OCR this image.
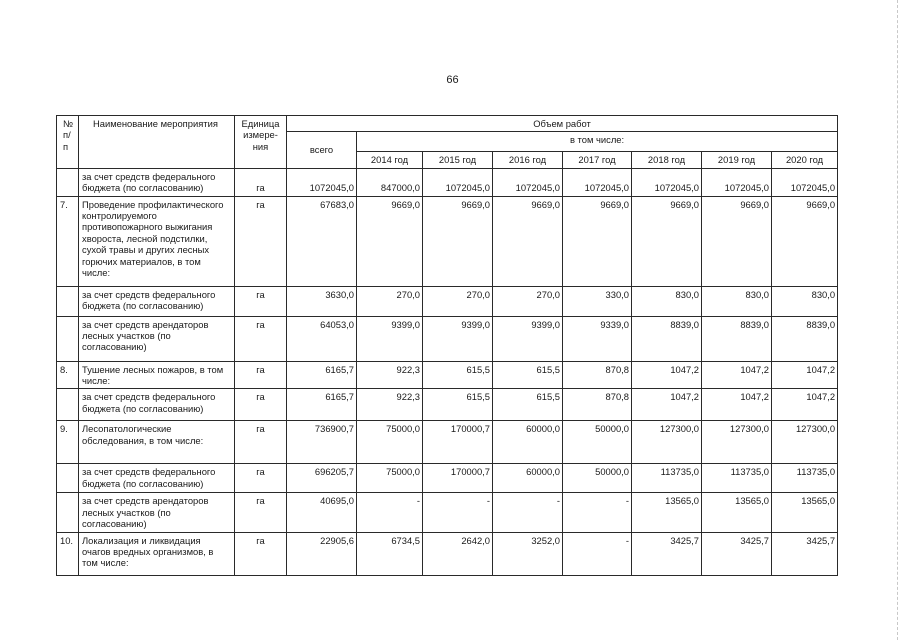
66
№ п/п	Наименование мероприятия	Единица измере-ния	Объем работ							
			всего	в том числе:						
				2014 год	2015 год	2016 год	2017 год	2018 год	2019 год	2020 год
	за счет средств федерального бюджета (по согласованию)	га	1072045,0	847000,0	1072045,0	1072045,0	1072045,0	1072045,0	1072045,0	1072045,0
7.	Проведение профилактического контролируемого противопожарного выжигания хвороста, лесной подстилки, сухой травы и других лесных горючих материалов, в том числе:	га	67683,0	9669,0	9669,0	9669,0	9669,0	9669,0	9669,0	9669,0
	за счет средств федерального бюджета (по согласованию)	га	3630,0	270,0	270,0	270,0	330,0	830,0	830,0	830,0
	за счет средств арендаторов лесных участков (по согласованию)	га	64053,0	9399,0	9399,0	9399,0	9339,0	8839,0	8839,0	8839,0
8.	Тушение лесных пожаров, в том числе:	га	6165,7	922,3	615,5	615,5	870,8	1047,2	1047,2	1047,2
	за счет средств федерального бюджета (по согласованию)	га	6165,7	922,3	615,5	615,5	870,8	1047,2	1047,2	1047,2
9.	Лесопатологические обследования, в том числе:	га	736900,7	75000,0	170000,7	60000,0	50000,0	127300,0	127300,0	127300,0
	за счет средств федерального бюджета (по согласованию)	га	696205,7	75000,0	170000,7	60000,0	50000,0	113735,0	113735,0	113735,0
	за счет средств арендаторов лесных участков (по согласованию)	га	40695,0	-	-	-	-	13565,0	13565,0	13565,0
10.	Локализация и ликвидация очагов вредных организмов, в том числе:	га	22905,6	6734,5	2642,0	3252,0	-	3425,7	3425,7	3425,7
